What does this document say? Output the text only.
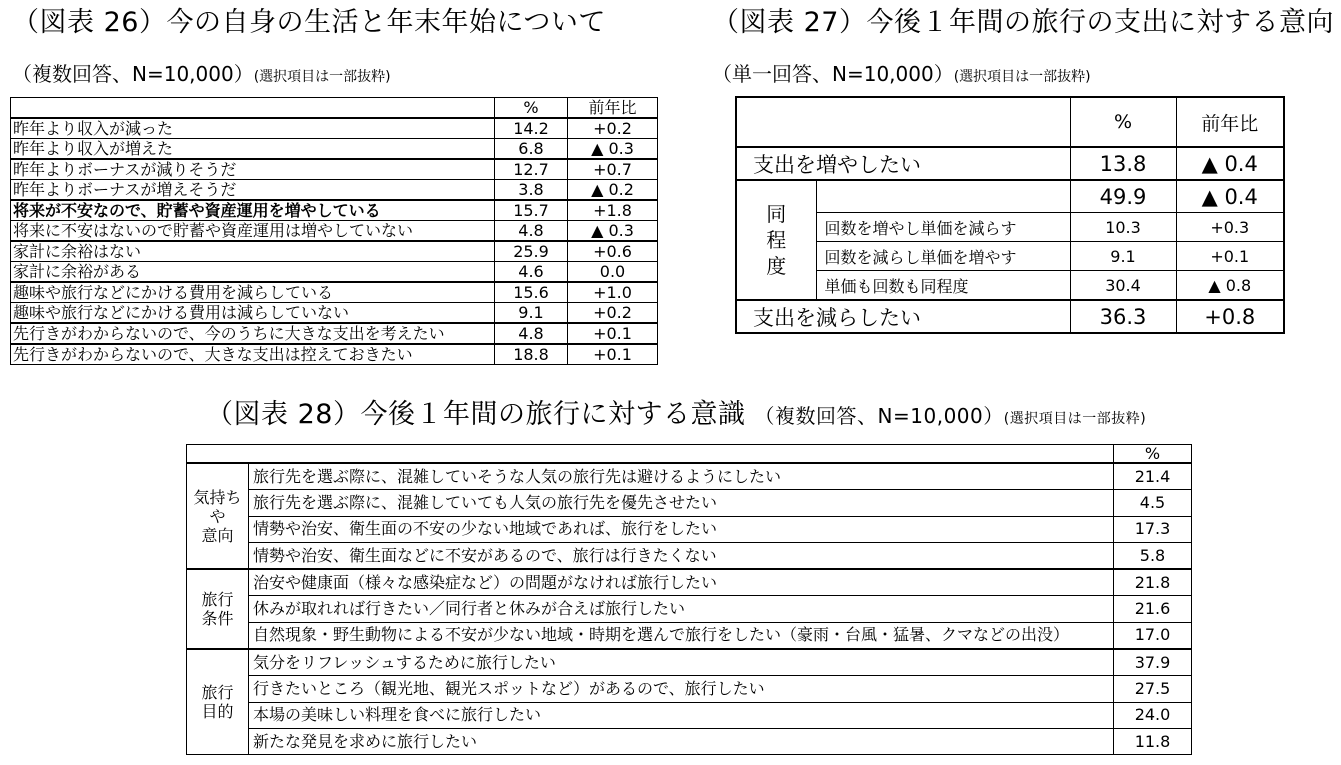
（図表 26）今の自身の生活と年末年始について
（複数回答、N=10,000）(選択項目は一部抜粋)
	%	前年比
昨年より収入が減った	14.2	+0.2
昨年より収入が増えた	6.8	▲ 0.3
昨年よりボーナスが減りそうだ	12.7	+0.7
昨年よりボーナスが増えそうだ	3.8	▲ 0.2
将来が不安なので、貯蓄や資産運用を増やしている	15.7	+1.8
将来に不安はないので貯蓄や資産運用は増やしていない	4.8	▲ 0.3
家計に余裕はない	25.9	+0.6
家計に余裕がある	4.6	0.0
趣味や旅行などにかける費用を減らしている	15.6	+1.0
趣味や旅行などにかける費用は減らしていない	9.1	+0.2
先行きがわからないので、今のうちに大きな支出を考えたい	4.8	+0.1
先行きがわからないので、大きな支出は控えておきたい	18.8	+0.1
（図表 27）今後１年間の旅行の支出に対する意向
（単一回答、N=10,000）(選択項目は一部抜粋)
		%	前年比
支出を増やしたい		13.8	▲ 0.4

同
程
度		49.9	▲ 0.4
	回数を増やし単価を減らす	10.3	+0.3
	回数を減らし単価を増やす	9.1	+0.1
	単価も回数も同程度	30.4	▲ 0.8
支出を減らしたい		36.3	+0.8
（図表 28）今後１年間の旅行に対する意識 （複数回答、N=10,000）(選択項目は一部抜粋)
		%

気持ち
や
意向	旅行先を選ぶ際に、混雑していそうな人気の旅行先は避けるようにしたい	21.4
	旅行先を選ぶ際に、混雑していても人気の旅行先を優先させたい	4.5
	情勢や治安、衛生面の不安の少ない地域であれば、旅行をしたい	17.3
	情勢や治安、衛生面などに不安があるので、旅行は行きたくない	5.8

旅行
条件	治安や健康面（様々な感染症など）の問題がなければ旅行したい	21.8
	休みが取れれば行きたい／同行者と休みが合えば旅行したい	21.6
	自然現象・野生動物による不安が少ない地域・時期を選んで旅行をしたい（豪雨・台風・猛暑、クマなどの出没）	17.0

旅行
目的	気分をリフレッシュするために旅行したい	37.9
	行きたいところ（観光地、観光スポットなど）があるので、旅行したい	27.5
	本場の美味しい料理を食べに旅行したい	24.0
	新たな発見を求めに旅行したい	11.8
